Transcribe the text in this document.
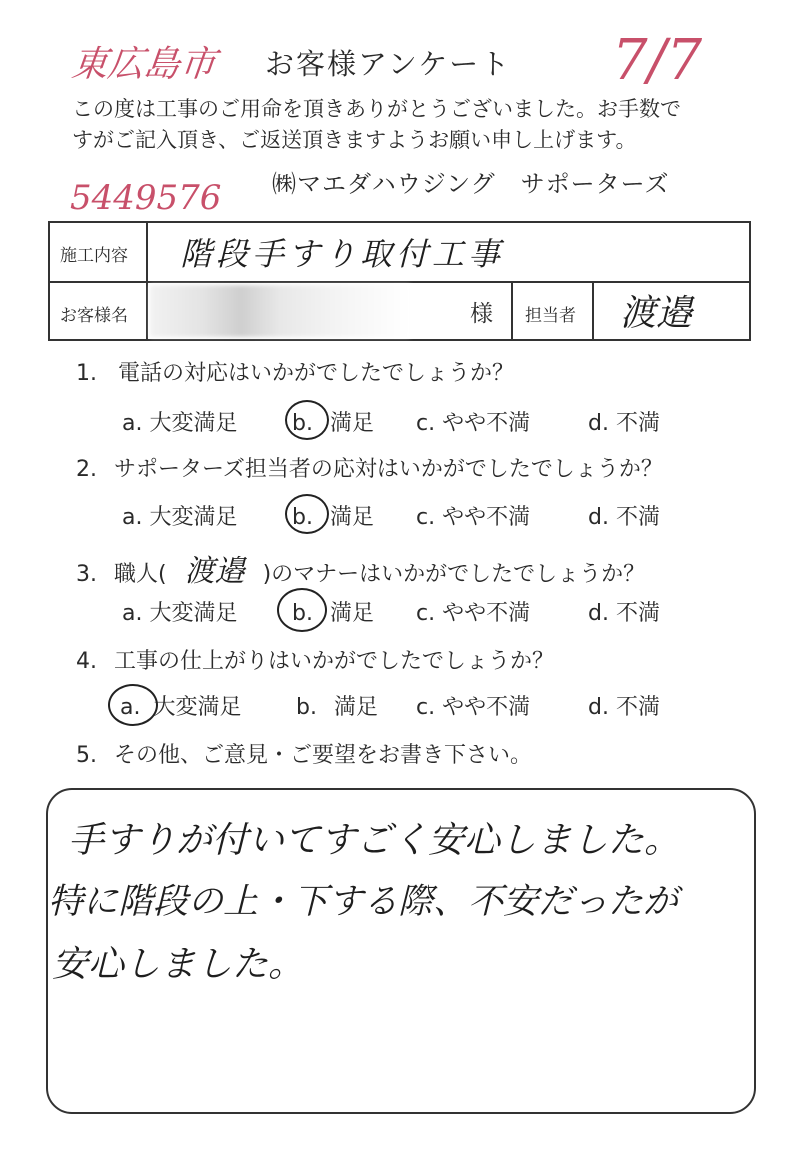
東広島市	7/7
5449576
お客様アンケート
この度は工事のご用命を頂きありがとうございました。お手数で
すがご記入頂き、ご返送頂きますようお願い申し上げます。
㈱マエダハウジング　サポーターズ
施工内容 階段手すり取付工事
お客様名	様 担当者 渡邉
1. 電話の対応はいかがでしたでしょうか？
a. 大変満足 b. 満足 c. やや不満	d. 不満
2. サポーターズ担当者の応対はいかがでしたでしょうか？
a. 大変満足 b. 満足 c. やや不満	d. 不満
3. 職人( 渡邉 )のマナーはいかがでしたでしょうか？
a. 大変満足 b. 満足 c. やや不満	d. 不満
4. 工事の仕上がりはいかがでしたでしょうか？
a. 大変満足 b. 満足 c. やや不満	d. 不満
5. その他、ご意見・ご要望をお書き下さい。
手すりが付いてすごく安心しました。
特に階段の上・下する際、不安だったが
安心しました。
